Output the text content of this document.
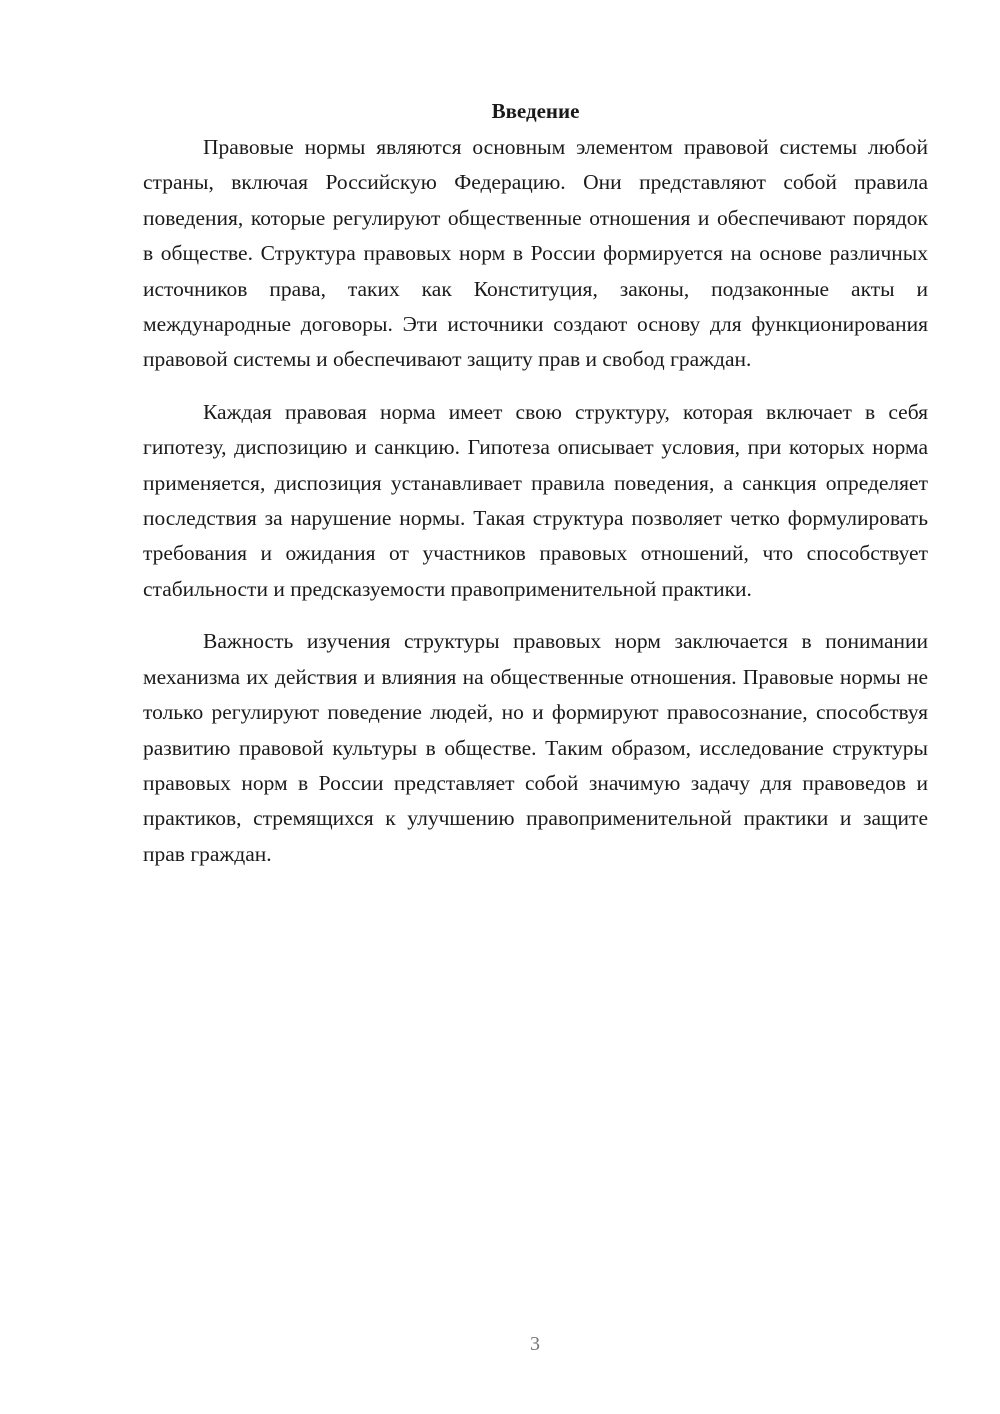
Введение

Правовые нормы являются основным элементом правовой системы любой страны, включая Российскую Федерацию. Они представляют собой правила поведения, которые регулируют общественные отношения и обеспечивают порядок в обществе. Структура правовых норм в России формируется на основе различных источников права, таких как Конституция, законы, подзаконные акты и международные договоры. Эти источники создают основу для функционирования правовой системы и обеспечивают защиту прав и свобод граждан.

Каждая правовая норма имеет свою структуру, которая включает в себя гипотезу, диспозицию и санкцию. Гипотеза описывает условия, при которых норма применяется, диспозиция устанавливает правила поведения, а санкция определяет последствия за нарушение нормы. Такая структура позволяет четко формулировать требования и ожидания от участников правовых отношений, что способствует стабильности и предсказуемости правоприменительной практики.

Важность изучения структуры правовых норм заключается в понимании механизма их действия и влияния на общественные отношения. Правовые нормы не только регулируют поведение людей, но и формируют правосознание, способствуя развитию правовой культуры в обществе. Таким образом, исследование структуры правовых норм в России представляет собой значимую задачу для правоведов и практиков, стремящихся к улучшению правоприменительной практики и защите прав граждан.

3
